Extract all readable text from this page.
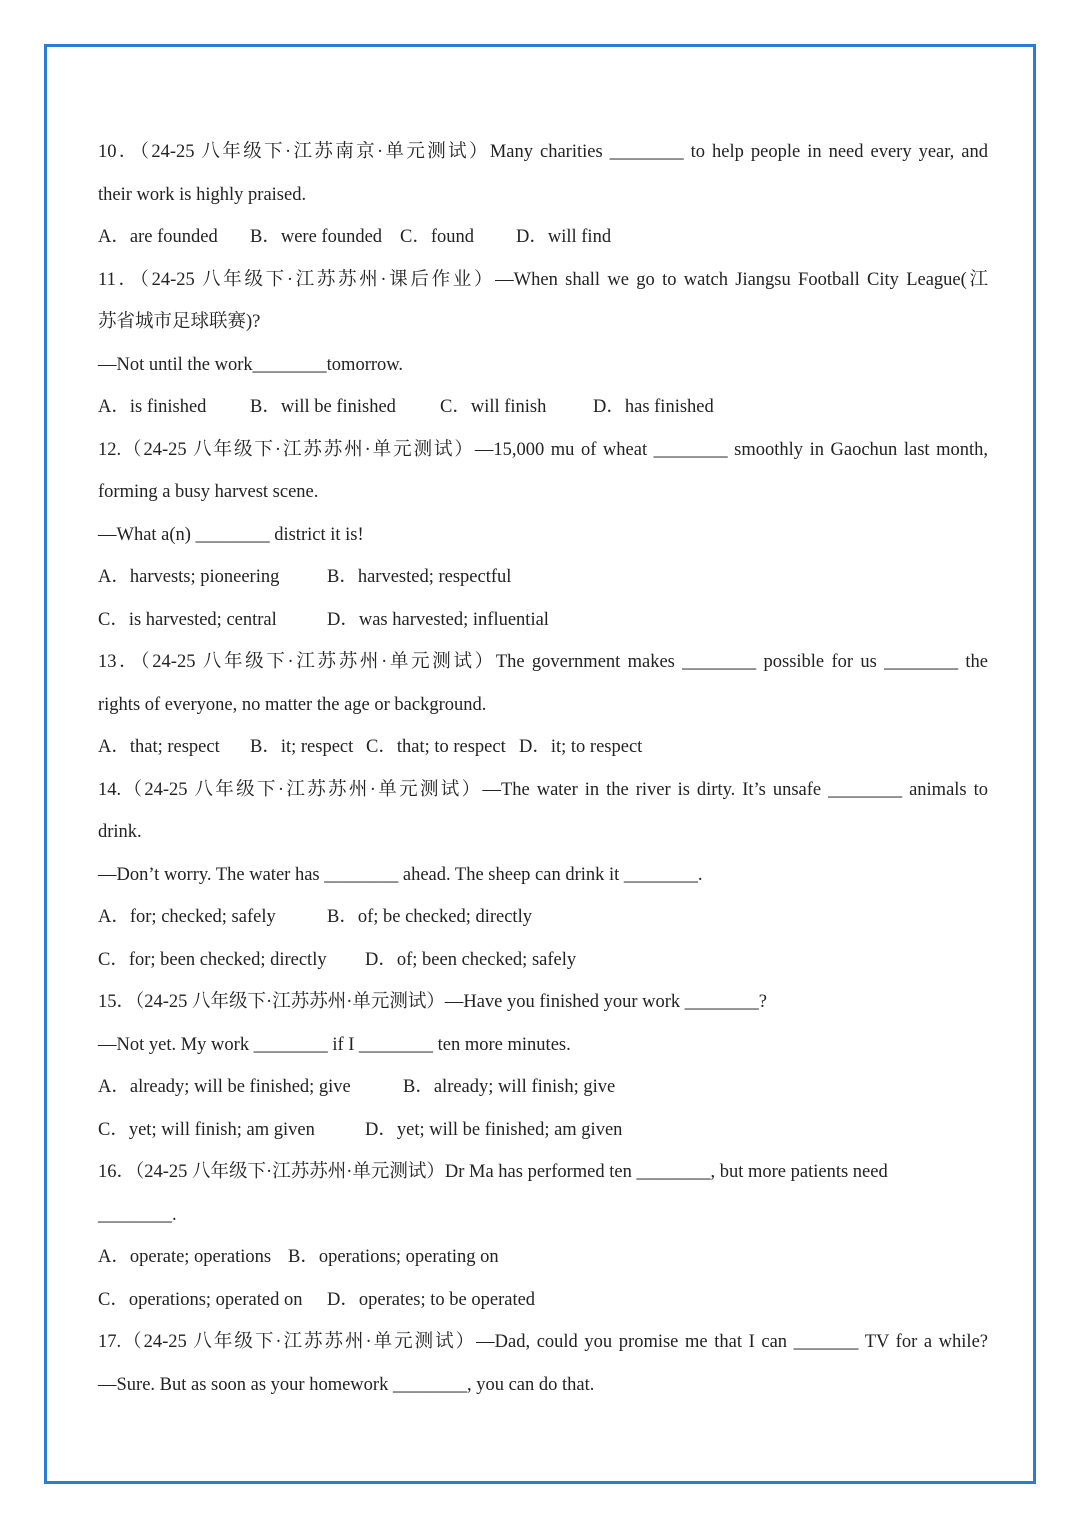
10．（24-25 八年级下·江苏南京·单元测试）Many charities ________ to help people in need every year, and
their work is highly praised.
A．are founded	B．were founded C．found	D．will find
11．（24-25 八年级下·江苏苏州·课后作业）—When shall we go to watch Jiangsu Football City League(江
苏省城市足球联赛)?
—Not until the work________tomorrow.
A．is finished	B．will be finished	C．will finish	D．has finished
12.（24-25 八年级下·江苏苏州·单元测试）—15,000 mu of wheat ________ smoothly in Gaochun last month,
forming a busy harvest scene.
—What a(n) ________ district it is!
A．harvests; pioneering	B．harvested; respectful
C．is harvested; central	D．was harvested; influential
13．（24-25 八年级下·江苏苏州·单元测试）The government makes ________ possible for us ________ the
rights of everyone, no matter the age or background.
A．that; respect	B．it; respect C．that; to respect D．it; to respect
14.（24-25 八年级下·江苏苏州·单元测试）—The water in the river is dirty. It’s unsafe ________ animals to
drink.
—Don’t worry. The water has ________ ahead. The sheep can drink it ________.
A．for; checked; safely	B．of; be checked; directly
C．for; been checked; directly	D．of; been checked; safely
15．（24-25 八年级下·江苏苏州·单元测试）—Have you finished your work ________?
—Not yet. My work ________ if I ________ ten more minutes.
A．already; will be finished; give	B．already; will finish; give
C．yet; will finish; am given	D．yet; will be finished; am given
16．（24-25 八年级下·江苏苏州·单元测试）Dr Ma has performed ten ________, but more patients need
________.
A．operate; operations B．operations; operating on
C．operations; operated on	D．operates; to be operated
17.（24-25 八年级下·江苏苏州·单元测试）—Dad, could you promise me that I can _______ TV for a while?
—Sure. But as soon as your homework ________, you can do that.
